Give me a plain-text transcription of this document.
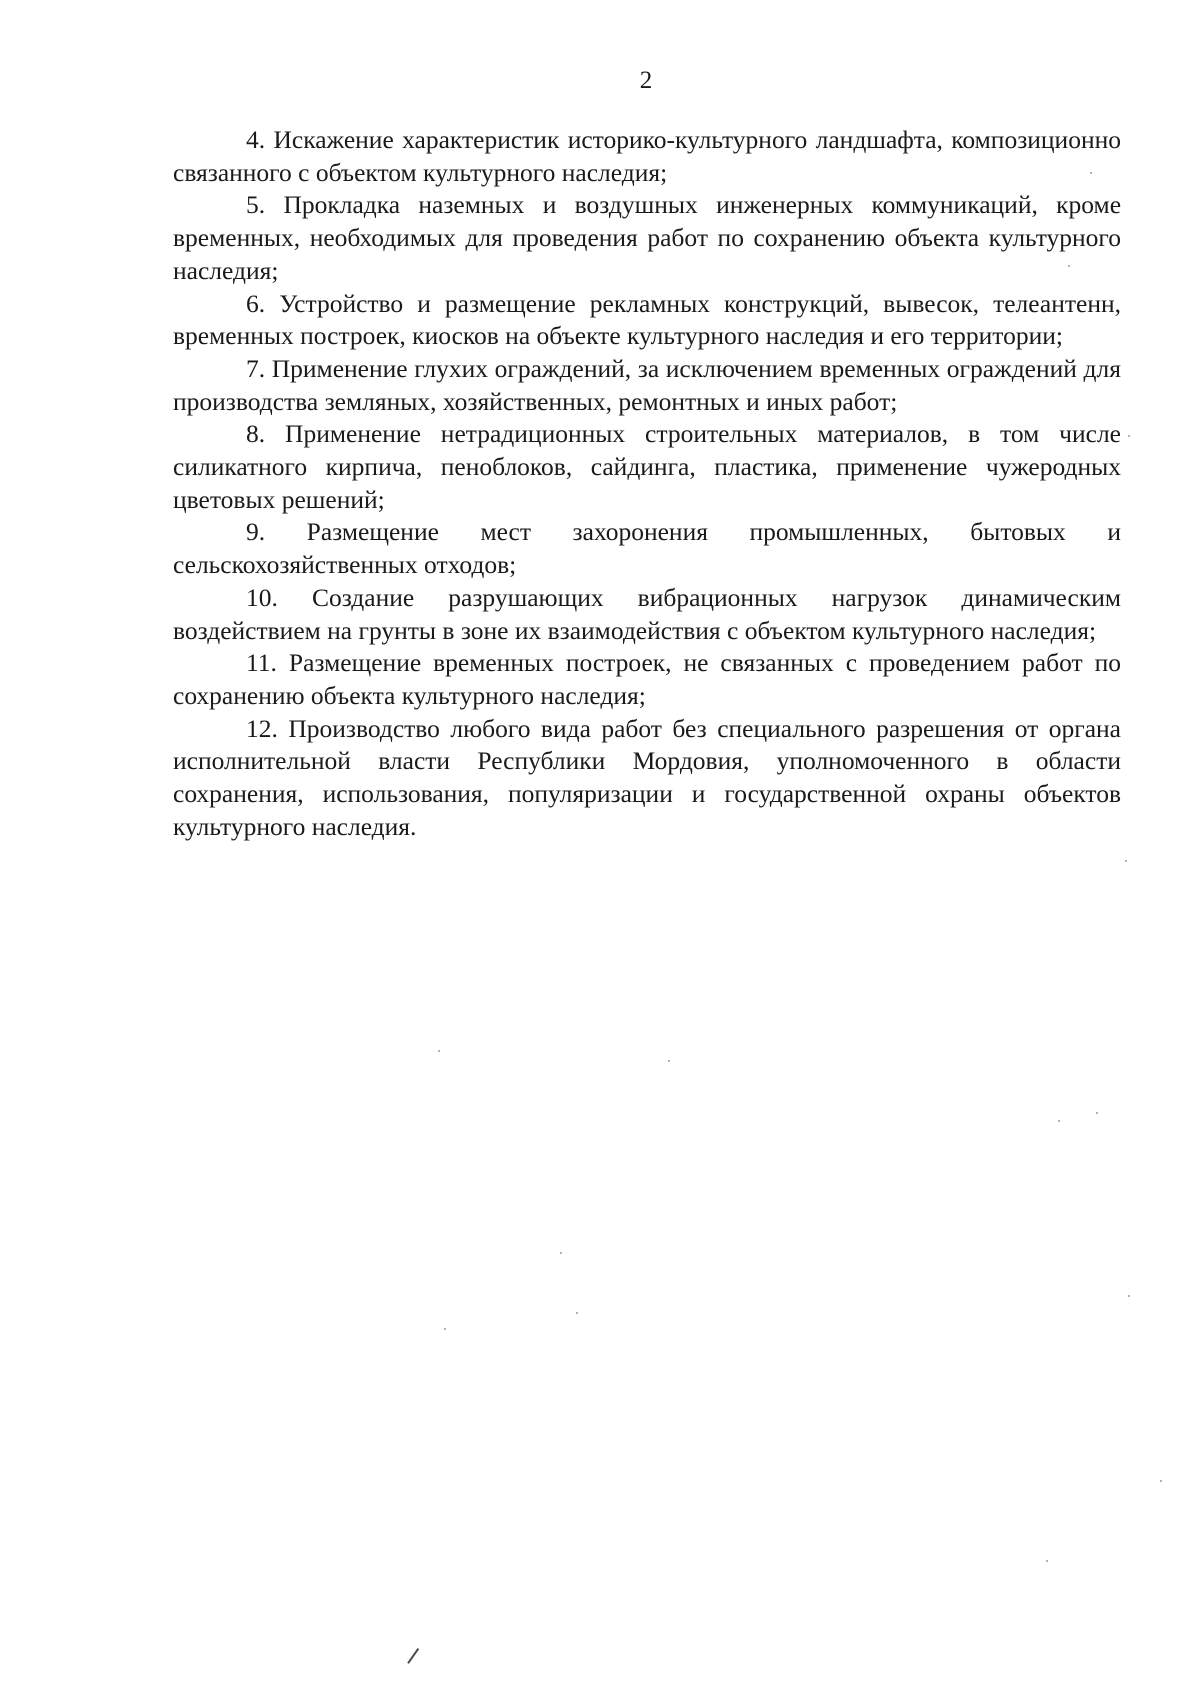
2

4. Искажение характеристик историко-культурного ландшафта, композиционно связанного с объектом культурного наследия;

5. Прокладка наземных и воздушных инженерных коммуникаций, кроме временных, необходимых для проведения работ по сохранению объекта культурного наследия;

6. Устройство и размещение рекламных конструкций, вывесок, телеантенн, временных построек, киосков на объекте культурного наследия и его территории;

7. Применение глухих ограждений, за исключением временных ограждений для производства земляных, хозяйственных, ремонтных и иных работ;

8. Применение нетрадиционных строительных материалов, в том числе силикатного кирпича, пеноблоков, сайдинга, пластика, применение чужеродных цветовых решений;

9. Размещение мест захоронения промышленных, бытовых и сельскохозяйственных отходов;

10. Создание разрушающих вибрационных нагрузок динамическим воздействием на грунты в зоне их взаимодействия с объектом культурного наследия;

11. Размещение временных построек, не связанных с проведением работ по сохранению объекта культурного наследия;

12. Производство любого вида работ без специального разрешения от органа исполнительной власти Республики Мордовия, уполномоченного в области сохранения, использования, популяризации и государственной охраны объектов культурного наследия.
